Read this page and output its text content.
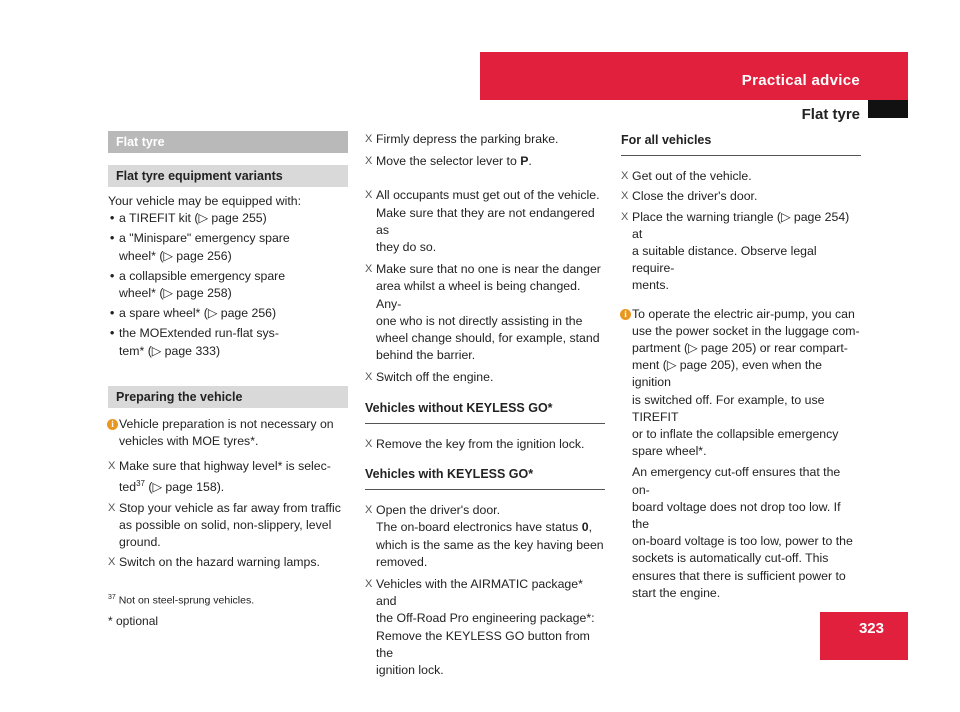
Practical advice
Flat tyre
Flat tyre
Flat tyre equipment variants
Your vehicle may be equipped with:
• a TIREFIT kit (▷ page 255)
• a "Minispare" emergency spare
wheel* (▷ page 256)
• a collapsible emergency spare
wheel* (▷ page 258)
• a spare wheel* (▷ page 256)
• the MOExtended run-flat sys-
tem* (▷ page 333)
Preparing the vehicle
i Vehicle preparation is not necessary on
vehicles with MOE tyres*.
X Make sure that highway level* is selec-
ted$^{37}$ (▷ page 158).
X Stop your vehicle as far away from traffic
as possible on solid, non-slippery, level
ground.
X Switch on the hazard warning lamps.
X Firmly depress the parking brake.
X Move the selector lever to P.
X All occupants must get out of the vehicle.
Make sure that they are not endangered as
they do so.
X Make sure that no one is near the danger
area whilst a wheel is being changed. Any-
one who is not directly assisting in the
wheel change should, for example, stand
behind the barrier.
X Switch off the engine.
Vehicles without KEYLESS GO*
X Remove the key from the ignition lock.
Vehicles with KEYLESS GO*
X Open the driver's door.
The on-board electronics have status 0,
which is the same as the key having been
removed.
X Vehicles with the AIRMATIC package* and
the Off-Road Pro engineering package*:
Remove the KEYLESS GO button from the
ignition lock.
For all vehicles
X Get out of the vehicle.
X Close the driver's door.
X Place the warning triangle (▷ page 254) at
a suitable distance. Observe legal require-
ments.
i To operate the electric air-pump, you can
use the power socket in the luggage com-
partment (▷ page 205) or rear compart-
ment (▷ page 205), even when the ignition
is switched off. For example, to use TIREFIT
or to inflate the collapsible emergency
spare wheel*.
An emergency cut-off ensures that the on-
board voltage does not drop too low. If the
on-board voltage is too low, power to the
sockets is automatically cut-off. This
ensures that there is sufficient power to
start the engine.
$^{37}$ Not on steel-sprung vehicles.
* optional	323
